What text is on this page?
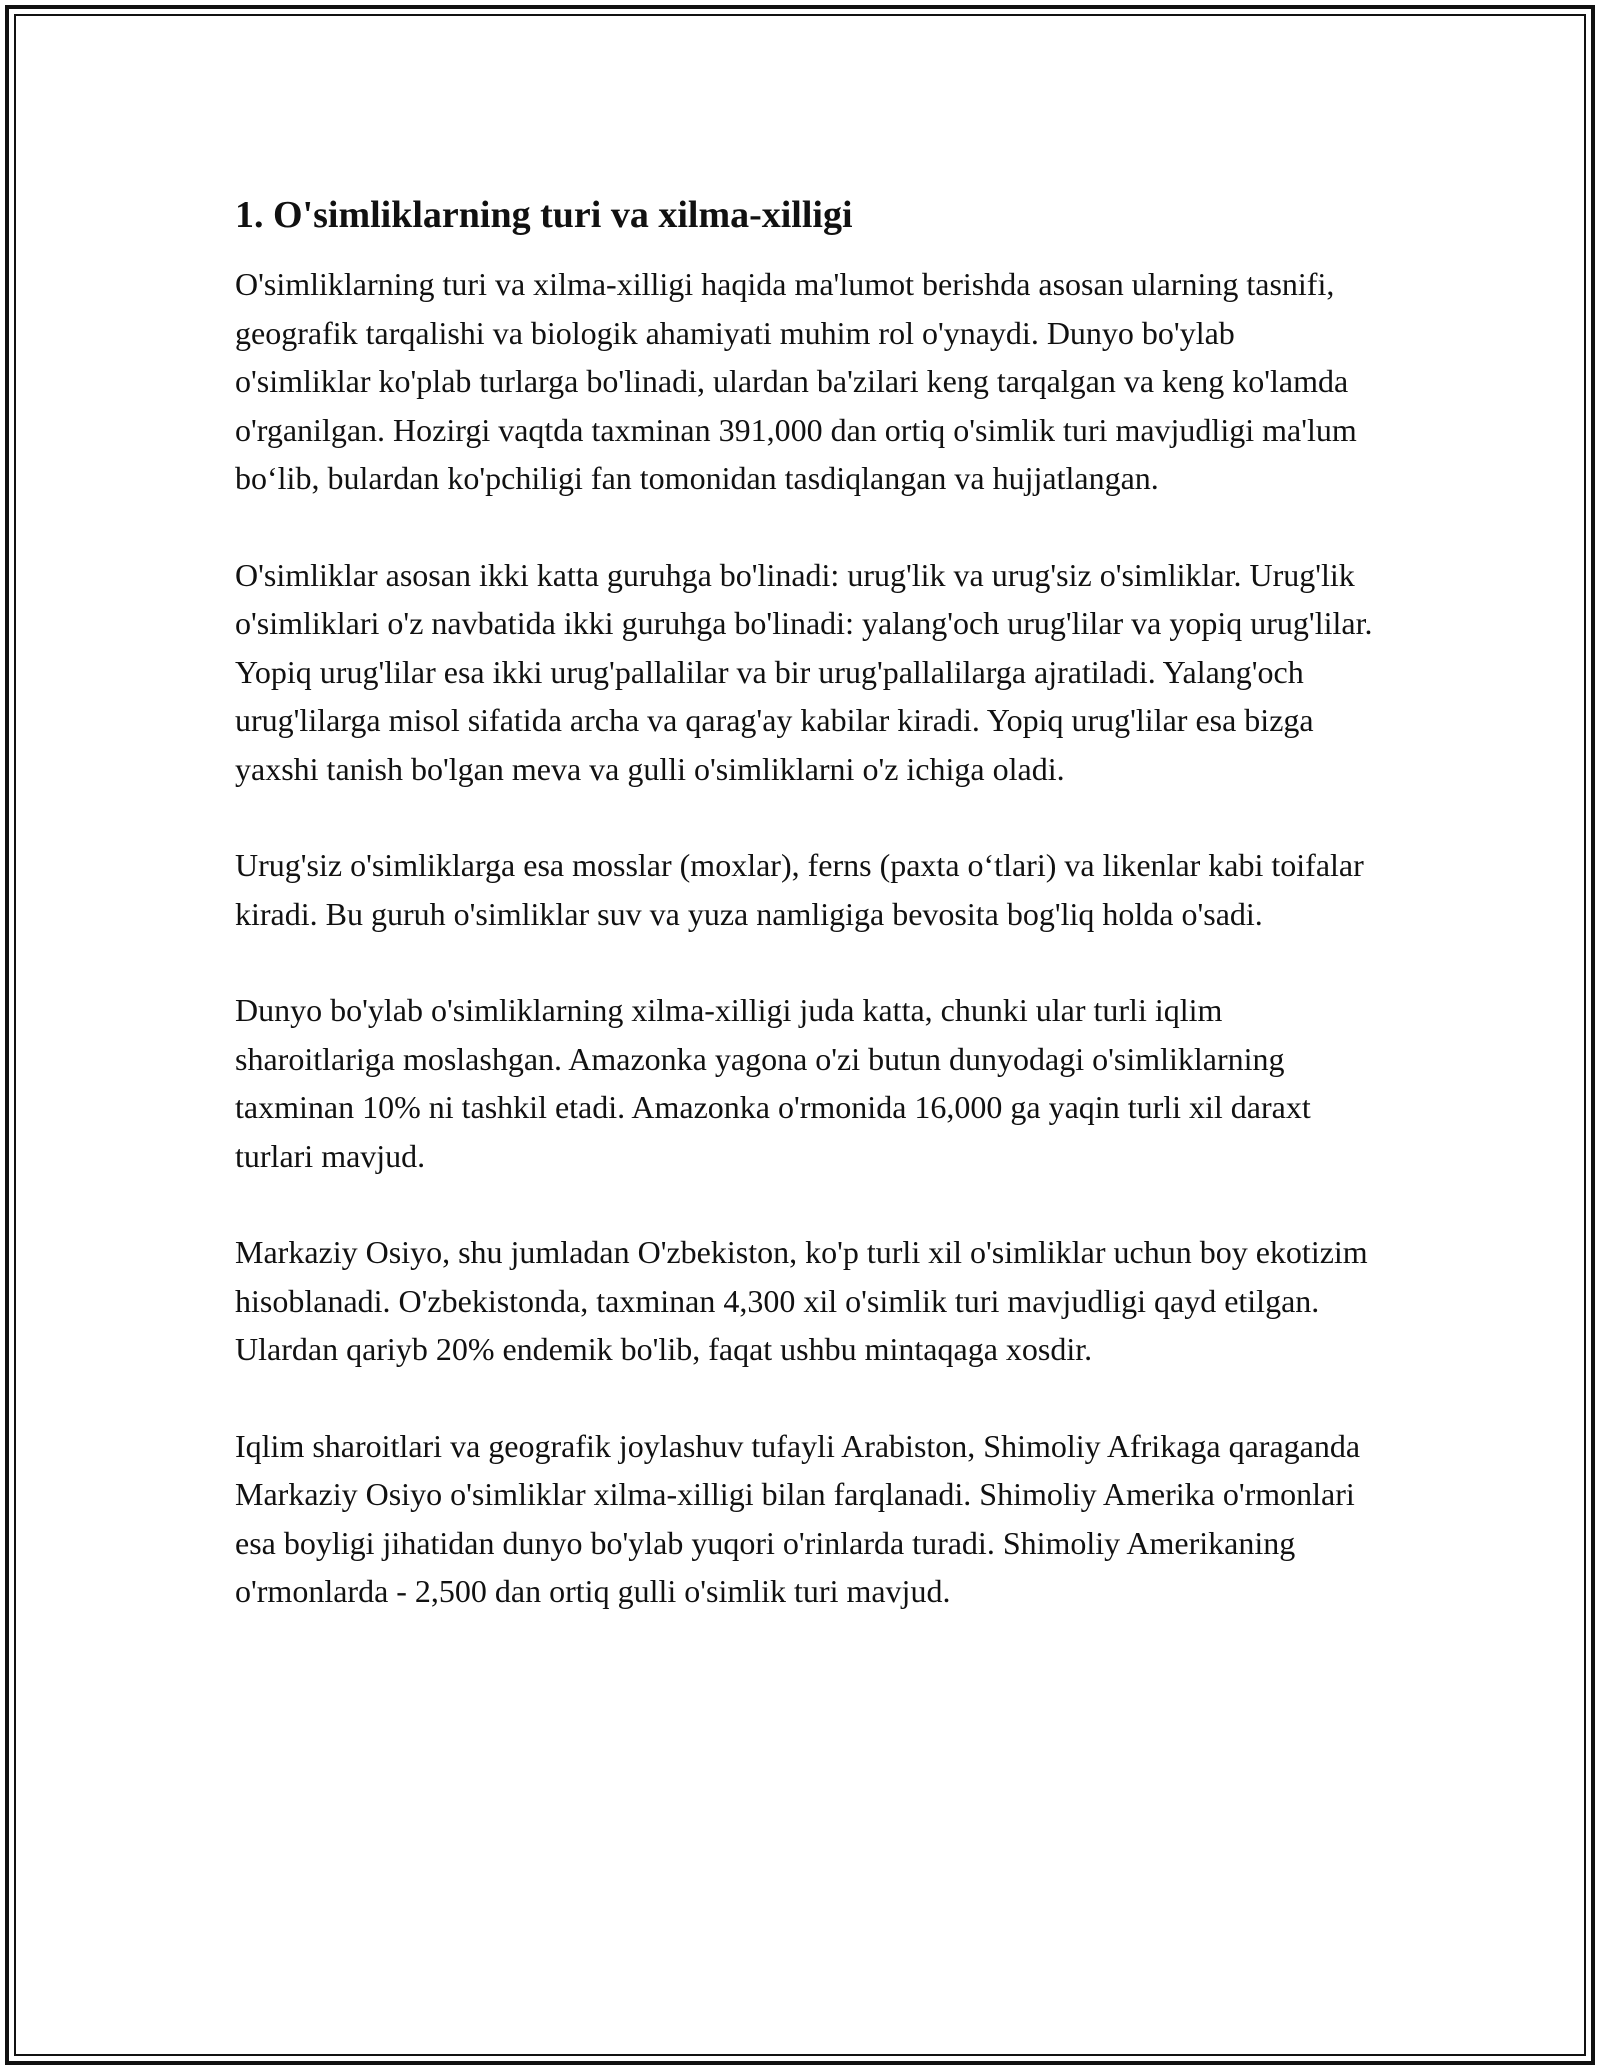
1. O'simliklarning turi va xilma-xilligi

O'simliklarning turi va xilma-xilligi haqida ma'lumot berishda asosan ularning tasnifi, geografik tarqalishi va biologik ahamiyati muhim rol o'ynaydi. Dunyo bo'ylab o'simliklar ko'plab turlarga bo'linadi, ulardan ba'zilari keng tarqalgan va keng ko'lamda o'rganilgan. Hozirgi vaqtda taxminan 391,000 dan ortiq o'simlik turi mavjudligi ma'lum bo‘lib, bulardan ko'pchiligi fan tomonidan tasdiqlangan va hujjatlangan.

O'simliklar asosan ikki katta guruhga bo'linadi: urug'lik va urug'siz o'simliklar. Urug'lik o'simliklari o'z navbatida ikki guruhga bo'linadi: yalang'och urug'lilar va yopiq urug'lilar. Yopiq urug'lilar esa ikki urug'pallalilar va bir urug'pallalilarga ajratiladi. Yalang'och urug'lilarga misol sifatida archa va qarag'ay kabilar kiradi. Yopiq urug'lilar esa bizga yaxshi tanish bo'lgan meva va gulli o'simliklarni o'z ichiga oladi.

Urug'siz o'simliklarga esa mosslar (moxlar), ferns (paxta o‘tlari) va likenlar kabi toifalar kiradi. Bu guruh o'simliklar suv va yuza namligiga bevosita bog'liq holda o'sadi.

Dunyo bo'ylab o'simliklarning xilma-xilligi juda katta, chunki ular turli iqlim sharoitlariga moslashgan. Amazonka yagona o'zi butun dunyodagi o'simliklarning taxminan 10% ni tashkil etadi. Amazonka o'rmonida 16,000 ga yaqin turli xil daraxt turlari mavjud.

Markaziy Osiyo, shu jumladan O'zbekiston, ko'p turli xil o'simliklar uchun boy ekotizim hisoblanadi. O'zbekistonda, taxminan 4,300 xil o'simlik turi mavjudligi qayd etilgan. Ulardan qariyb 20% endemik bo'lib, faqat ushbu mintaqaga xosdir.

Iqlim sharoitlari va geografik joylashuv tufayli Arabiston, Shimoliy Afrikaga qaraganda Markaziy Osiyo o'simliklar xilma-xilligi bilan farqlanadi. Shimoliy Amerika o'rmonlari esa boyligi jihatidan dunyo bo'ylab yuqori o'rinlarda turadi. Shimoliy Amerikaning o'rmonlarda - 2,500 dan ortiq gulli o'simlik turi mavjud.
